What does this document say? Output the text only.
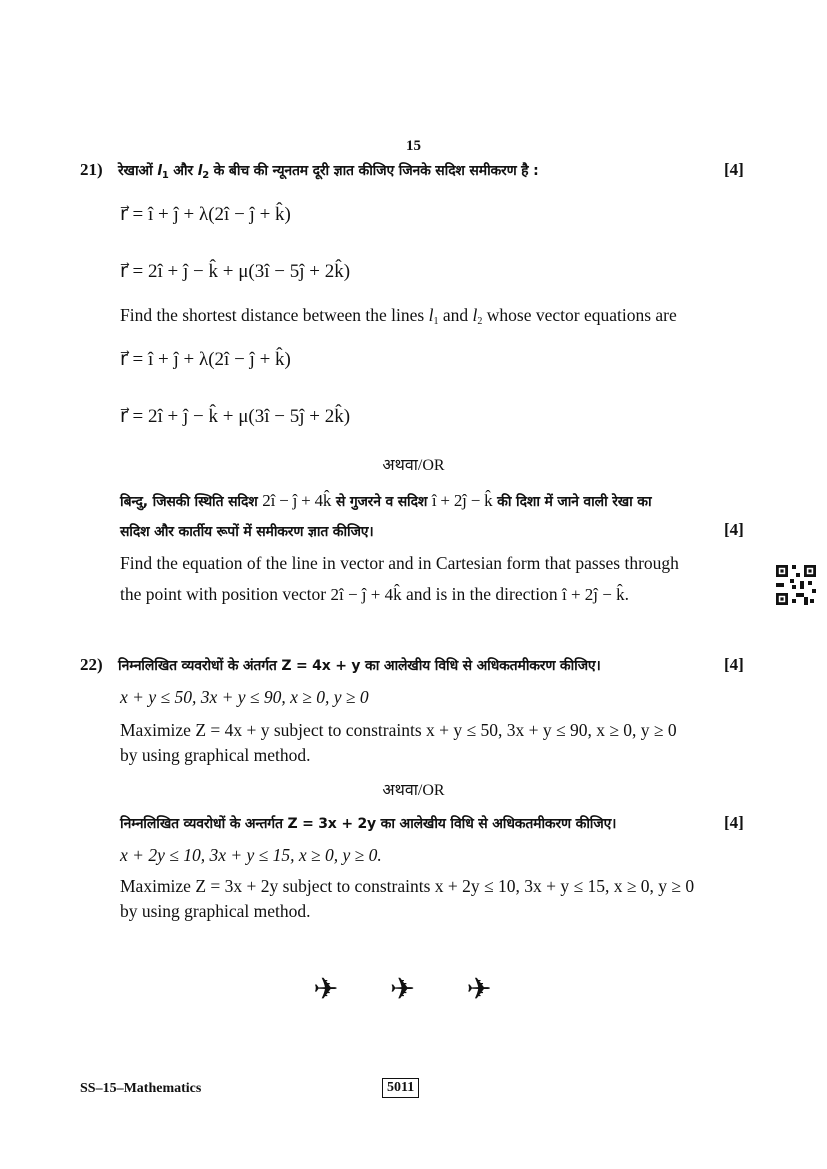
15
21) रेखाओं $l_1$ और $l_2$ के बीच की न्यूनतम दूरी ज्ञात कीजिए जिनके सदिश समीकरण है :	[4]
r⃗ = î + ĵ + λ(2î − ĵ + k̂)
r⃗ = 2î + ĵ − k̂ + μ(3î − 5ĵ + 2k̂)
Find the shortest distance between the lines $l_1$ and $l_2$ whose vector equations are
r⃗ = î + ĵ + λ(2î − ĵ + k̂)
r⃗ = 2î + ĵ − k̂ + μ(3î − 5ĵ + 2k̂)
अथवा/OR
बिन्दु, जिसकी स्थिति सदिश 2î − ĵ + 4k̂ से गुजरने व सदिश î + 2ĵ − k̂ की दिशा में जाने वाली रेखा का
सदिश और कार्तीय रूपों में समीकरण ज्ञात कीजिए।	[4]
Find the equation of the line in vector and in Cartesian form that passes through
the point with position vector 2î − ĵ + 4k̂ and is in the direction î + 2ĵ − k̂.
22) निम्नलिखित व्यवरोधों के अंतर्गत Z = 4x + y का आलेखीय विधि से अधिकतमीकरण कीजिए।	[4]
x + y ≤ 50, 3x + y ≤ 90, x ≥ 0, y ≥ 0
Maximize Z = 4x + y subject to constraints x + y ≤ 50, 3x + y ≤ 90, x ≥ 0, y ≥ 0
by using graphical method.
अथवा/OR
निम्नलिखित व्यवरोधों के अन्तर्गत Z = 3x + 2y का आलेखीय विधि से अधिकतमीकरण कीजिए।	[4]
x + 2y ≤ 10, 3x + y ≤ 15, x ≥ 0, y ≥ 0.
Maximize Z = 3x + 2y subject to constraints x + 2y ≤ 10, 3x + y ≤ 15, x ≥ 0, y ≥ 0
by using graphical method.
✈ ✈ ✈
SS–15–Mathematics	5011
